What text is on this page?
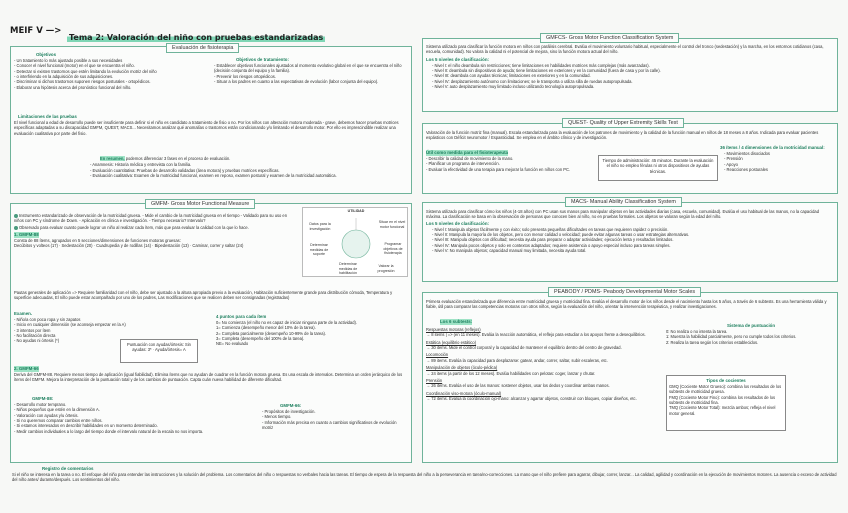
MEIF V —>
Tema 2: Valoración del niño con pruebas estandarizadas
Evaluación de fisioterapia
Objetivos
- Un tratamiento lo más ajustado posible a sus necesidades
- Conocer el nivel funcional (motor) en el que se encuentra el niño.
- Detectar si existen trastornos que estén limitando la evolución motriz del niño
- o interfiriendo en la adquisición de sus adquisiciones.
- Discriminar si dichos trastornos suponen riesgos posturales - ortopédicos.
- Elaborar una hipótesis acerca del pronóstico funcional del niño.
Objetivos de tratamiento:
- Establecer objetivos funcionales ajustados al momento evolutivo global en el que se encuentra el niño (decisión conjunta del equipo y la familia).
- Prevenir los riesgos ortopédicos.
- Situar a los padres en cuanto a las expectativas de evolución (labor conjunta del equipo).
Limitaciones de las pruebas
El nivel funcional a edad de desarrollo puede ser insuficiente para definir si el niño es candidato a tratamiento de fisio o no. Por los niños con alteración motora moderada - grave, debemos hacer pruebas motrices específicas adaptadas a su discapacidad GMFM, QUEST, MACS... Necesitamos analizar qué anomalías o trastornos están condicionando y/o limitando el desarrollo motor. Por ello es imprescindible realizar una evaluación cualitativa por parte del fisio.
En resumen, podemos diferenciar 3 fases en el proceso de evaluación.
- Anamnesis: Historia médica y entrevista con la familia.
- Evaluación cuantitativa: Pruebas de desarrollo validadas (área motora) y pruebas motrices específicas.
- Evaluación cualitativa: Examen de la motricidad funcional, examen en reposo, examen postural y examen de la motricidad automática.
GMFM- Gross Motor Functional Measure
Instrumento estandarizado de observación de la motricidad gruesa. - Mide el cambio de la motricidad gruesa en el tiempo - Validado para su uso en niños con PC y síndrome de Down. - Aplicación en clínica e investigación. - Tiempo necesario? Intervalo?
Observado para evaluar cuanto puede lograr un niño al realizar cada ítem, más que para evaluar la calidad con la que lo hace.
1. GMFM-88
Consta de 88 ítems, agrupados en 5 secciones/dimensiones de funciones motoras gruesas:
Decúbitos y volteos (17) · Sedestación (20) · Cuadrupedia y de rodillas (14) · Bipedestación (13) · Caminar, correr y saltar (24)
UTILIDAD
Datos para la investigación
Situar en el nivel motor funcional
Determinar medidas de soporte
Programar objetivos de fisioterapia
Determinar medidas de habilitación
Valorar la progresión
Pautas generales de aplicación => Requiere familiaridad con el niño, debe ser ajustado a la altura apropiada previo a la evaluación, Habitación suficientemente grande para distribución cómoda, Temperatura y superficie adecuadas, El niño puede estar acompañado por uno de los padres, Las modificaciones que se realicen deben ser consignadas (registradas)
Examen.
- Niño/a con poca ropa y sin zapatos
- Inicio en cualquier dimensión (se aconseja empezar en la A)
- 3 intentos por ítem
- No facilitación directa
- No ayudas ni órtesis (*)
Puntuación con ayudas/órtesis: Sin ayudas: 3* · Ayuda/órtesis= A
4 puntos para cada ítem
0= No comienza (el niño no es capaz de iniciar ninguna parte de la actividad).
1= Comienza (desempeño menor del 10% de la tarea).
2= Completa parcialmente (desempeño 10-99% de la tarea).
3= Completa (desempeño del 100% de la tarea).
NE= No evaluado
2. GMFM-66
Deriva del GMFM-88. Requiere menos tiempo de aplicación (igual fiabilidad). Elimina ítems que no ayudan de cuadrar en la función motora gruesa. Es una escala de intervalos. Determina un orden jerárquico de los ítems del GMFM. Mejora la interpretación de la puntuación total y de los cambios de puntuación. Capta cuán nueva habilidad de diferente dificultad.
GMFM-88:
- Desarrollo motor temprano.
- Niños pequeños que estén en la dimensión A.
- Valoración con ayudas y/u órtesis.
- Si no queremos comparar cambios entre niños.
- Si estamos interesados en describir habilidades en un momento determinado.
- Medir cambios individuales a lo largo del tiempo donde el intervalo natural de la escala no nos importa.
GMFM-66:
- Propósitos de investigación.
- Menos tiempo.
- Información más precisa en cuanto a cambios significativos de evolución motriz
Registro de comentarios
Si el niño se interesa en la tarea o no. El enfoque del niño para entender las instrucciones y la solución del problema. Los comentarios del niño o respuestas no verbales hacia las tareas. El tiempo de espera de la respuesta del niño a la perseverancia en tarea/no-correcciones. La mano que el niño prefiere para agarrar, dibujar, correr, lanzar... La calidad, agilidad y coordinación en la ejecución de movimientos motores. La ausencia o exceso de actividad del niño antes/ durante/después. Los sentimientos del niño.
GMFCS- Gross Motor Function Classification System
Sistema utilizado para clasificar la función motora en niños con parálisis cerebral. Evalúa el movimiento voluntario habitual, especialmente el control del tronco (sedestación) y la marcha, en los entornos cotidianos (casa, escuela, comunidad). No valora la calidad ni el potencial de mejora, sino la función motora actual del niño.
Los 5 niveles de clasificación:
- Nivel I: el niño deambula sin restricciones; tiene limitaciones en habilidades motrices más complejas (más avanzadas).
- Nivel II: deambula sin dispositivos de ayuda; tiene limitaciones en exteriores y en la comunidad (fuera de casa y por la calle).
- Nivel III: deambula con ayudas técnicas; limitaciones en exteriores y en la comunidad.
- Nivel IV: desplazamiento autónomo con limitaciones; se le transporta o utiliza silla de ruedas autopropulsada.
- Nivel V: auto desplazamiento muy limitado incluso utilizando tecnología autopropulsada.
QUEST- Quality of Upper Extremity Skills Test
Valoración de la función motriz fina (manual). Escala estandarizada para la evaluación de los patrones de movimiento y la calidad de la función manual en niños de 18 meses a 8 años. Indicada para evaluar pacientes espásticos con Déficit neuromotor / Espasticidad. Se emplea en el ámbito clínico y de investigación.
Útil como medida para el fisioterapeuta
- Describir la calidad de movimiento de la mano.
- Planificar un programa de intervención.
- Evaluar la efectividad de una terapia para mejorar la función en niños con PC.
Tiempo de administración: 45 minutos. Durante la evaluación el niño no empleo férulas ni otros dispositivos de ayudas técnicas.
36 ítems / 4 dimensiones de la motricidad manual:
- Movimientos disociados
- Prensión
- Apoyo
- Reacciones posturales
MACS- Manual Ability Classification System
Sistema utilizado para clasificar cómo los niños (4-18 años) con PC usan sus manos para manipular objetos en las actividades diarias (casa, escuela, comunidad). Evalúa el uso habitual de las manos, no la capacidad máxima. La clasificación se basa en la observación de personas que conocen bien al niño, no en pruebas formales. Los objetos se valoran según la edad del niño.
Los 5 niveles de clasificación:
- Nivel I: Manipula objetos fácilmente y con éxito; solo presenta pequeñas dificultades en tareas que requieren rapidez o precisión.
- Nivel II: Manipula la mayoría de los objetos, pero con menor calidad o velocidad; puede evitar algunas tareas o usar estrategias alternativas.
- Nivel III: Manipula objetos con dificultad; necesita ayuda para preparar o adaptar actividades; ejecución lenta y resultados limitados.
- Nivel IV: Manipula pocos objetos y solo en contextos adaptados; requiere asistencia o apoyo especial incluso para tareas simples.
- Nivel V: No manipula objetos; capacidad manual muy limitada, necesita ayuda total.
PEABODY / PDMS- Peabody Developmental Motor Scales
Primera evaluación estandarizada que diferencia entre motricidad gruesa y motricidad fina. Evalúa el desarrollo motor de los niños desde el nacimiento hasta los 5 años, a través de 6 subtests. Es una herramienta válida y fiable, útil para comparar las competencias motoras con otros niños, según la evaluación del niño, orientar la intervención terapéutica, y realizar investigaciones.
Los 6 subtests:
Respuestas motoras (reflejos)
→ 8 items | => (en 11 meses). Evalúa la reacción automática, el reflejo para estudiar a los apoyos frente a desequilibrios.
Estática (equilibrio estático)
→ 30 items. Mide el control corporal y la capacidad de mantener el equilibrio dentro del centro de gravedad.
Locomoción
→ 89 items. Evalúa la capacidad para desplazarse: gatear, andar, correr, saltar, subir escaleras, etc.
Manipulación de objetos (óculo-pédica)
→ 24 items (a partir de los 12 meses). Evalúa habilidades con pelotas: coger, lanzar y chutar.
Prensión
→ 26 items. Evalúa el uso de las manos: sostener objetos, usar los dedos y coordinar ambas manos.
Coordinación viso-motora (óculo-manual)
→ 72 items. Evalúa la coordinación ojo-mano: alcanzar y agarrar objetos, construir con bloques, copiar diseños, etc.
Sistema de puntuación
0: No realiza o no intenta la tarea.
1: Muestra la habilidad parcialmente, pero no cumple todos los criterios.
2: Realiza la tarea según los criterios establecidos.
Tipos de cocientes
GMQ (Cociente Motor Grueso): combina los resultados de los subtests de motricidad gruesa.
FMQ (Cociente Motor Fino): combina los resultados de los subtests de motricidad fina.
TMQ (Cociente Motor Total): mezcla ambos; refleja el nivel motor general.
